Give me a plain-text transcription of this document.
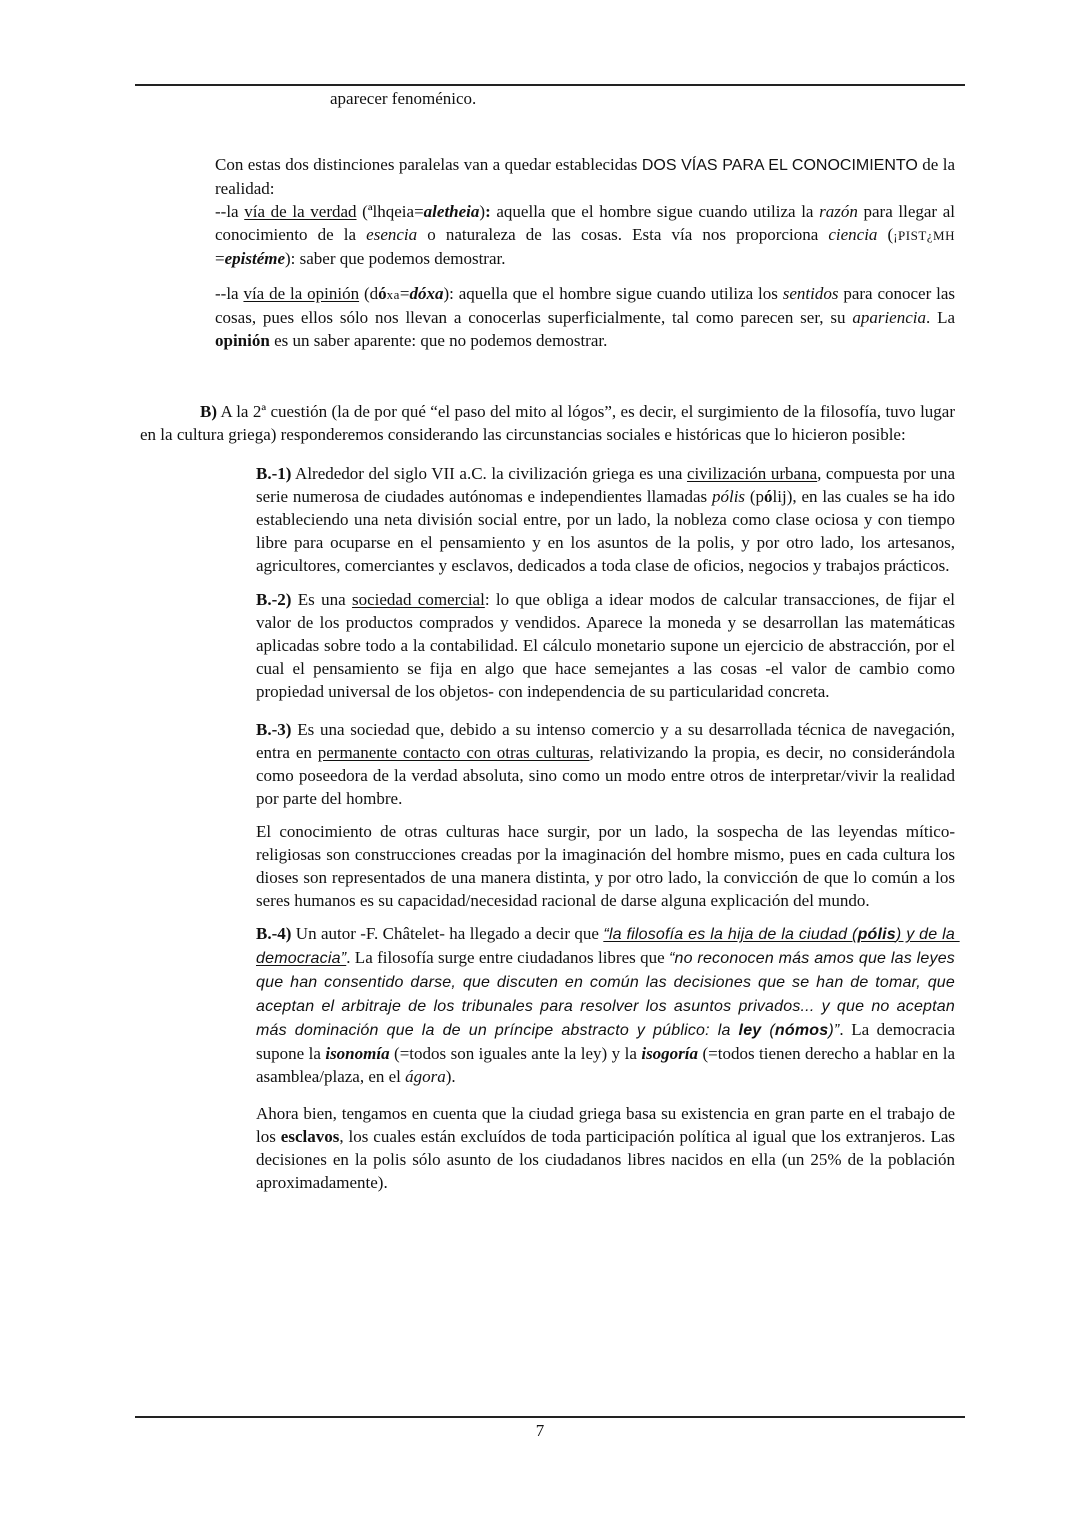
aparecer fenoménico.

Con estas dos distinciones paralelas van a quedar establecidas DOS VÍAS PARA EL CONOCIMIENTO de la realidad:

--la vía de la verdad (ªlhqeia=aletheia): aquella que el hombre sigue cuando utiliza la razón para llegar al conocimiento de la esencia o naturaleza de las cosas. Esta vía nos proporciona ciencia (¡PIST¿MH =epistéme): saber que podemos demostrar.

--la vía de la opinión (dóxa=dóxa): aquella que el hombre sigue cuando utiliza los sentidos para conocer las cosas, pues ellos sólo nos llevan a conocerlas superficialmente, tal como parecen ser, su apariencia. La opinión es un saber aparente: que no podemos demostrar.

B) A la 2ª cuestión (la de por qué “el paso del mito al lógos”, es decir, el surgimiento de la filosofía, tuvo lugar en la cultura griega) responderemos considerando las circunstancias sociales e históricas que lo hicieron posible:

B.-1) Alrededor del siglo VII a.C. la civilización griega es una civilización urbana, compuesta por una serie numerosa de ciudades autónomas e independientes llamadas pólis (pólij), en las cuales se ha ido estableciendo una neta división social entre, por un lado, la nobleza como clase ociosa y con tiempo libre para ocuparse en el pensamiento y en los asuntos de la polis, y por otro lado, los artesanos, agricultores, comerciantes y esclavos, dedicados a toda clase de oficios, negocios y trabajos prácticos.

B.-2) Es una sociedad comercial: lo que obliga a idear modos de calcular transacciones, de fijar el valor de los productos comprados y vendidos. Aparece la moneda y se desarrollan las matemáticas aplicadas sobre todo a la contabilidad. El cálculo monetario supone un ejercicio de abstracción, por el cual el pensamiento se fija en algo que hace semejantes a las cosas -el valor de cambio como propiedad universal de los objetos- con independencia de su particularidad concreta.

B.-3) Es una sociedad que, debido a su intenso comercio y a su desarrollada técnica de navegación, entra en permanente contacto con otras culturas, relativizando la propia, es decir, no considerándola como poseedora de la verdad absoluta, sino como un modo entre otros de interpretar/vivir la realidad por parte del hombre.

El conocimiento de otras culturas hace surgir, por un lado, la sospecha de las leyendas mítico-religiosas son construcciones creadas por la imaginación del hombre mismo, pues en cada cultura los dioses son representados de una manera distinta, y por otro lado, la convicción de que lo común a los seres humanos es su capacidad/necesidad racional de darse alguna explicación del mundo.

B.-4) Un autor -F. Châtelet- ha llegado a decir que “la filosofía es la hija de la ciudad (pólis) y de la democracia”. La filosofía surge entre ciudadanos libres que “no reconocen más amos que las leyes que han consentido darse, que discuten en común las decisiones que se han de tomar, que aceptan el arbitraje de los tribunales para resolver los asuntos privados... y que no aceptan más dominación que la de un príncipe abstracto y público: la ley (nómos)”. La democracia supone la isonomía (=todos son iguales ante la ley) y la isogoría (=todos tienen derecho a hablar en la asamblea/plaza, en el ágora).

Ahora bien, tengamos en cuenta que la ciudad griega basa su existencia en gran parte en el trabajo de los esclavos, los cuales están excluídos de toda participación política al igual que los extranjeros. Las decisiones en la polis sólo asunto de los ciudadanos libres nacidos en ella (un 25% de la población aproximadamente).

7
